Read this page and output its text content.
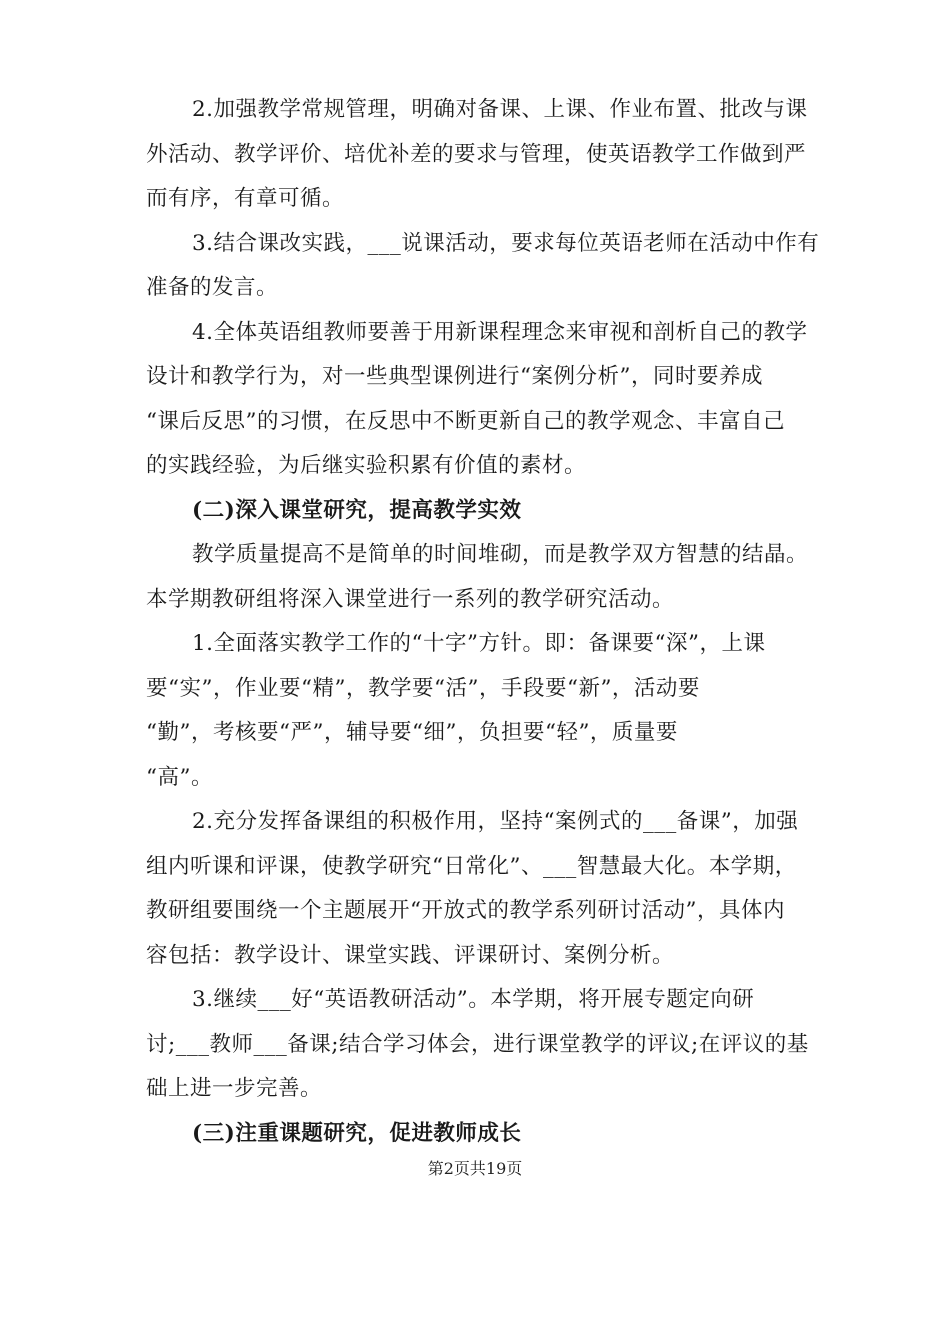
2.加强教学常规管理，明确对备课、上课、作业布置、批改与课
外活动、教学评价、培优补差的要求与管理，使英语教学工作做到严
而有序，有章可循。

3.结合课改实践，___说课活动，要求每位英语老师在活动中作有
准备的发言。

4.全体英语组教师要善于用新课程理念来审视和剖析自己的教学
设计和教学行为，对一些典型课例进行“案例分析”，同时要养成
“课后反思”的习惯，在反思中不断更新自己的教学观念、丰富自己
的实践经验，为后继实验积累有价值的素材。

(二)深入课堂研究，提高教学实效

教学质量提高不是简单的时间堆砌，而是教学双方智慧的结晶。
本学期教研组将深入课堂进行一系列的教学研究活动。

1.全面落实教学工作的“十字”方针。即：备课要“深”，上课
要“实”，作业要“精”，教学要“活”，手段要“新”，活动要
“勤”，考核要“严”，辅导要“细”，负担要“轻”，质量要
“高”。

2.充分发挥备课组的积极作用，坚持“案例式的___备课”，加强
组内听课和评课，使教学研究“日常化”、___智慧最大化。本学期，
教研组要围绕一个主题展开“开放式的教学系列研讨活动”，具体内
容包括：教学设计、课堂实践、评课研讨、案例分析。

3.继续___好“英语教研活动”。本学期，将开展专题定向研
讨;___教师___备课;结合学习体会，进行课堂教学的评议;在评议的基
础上进一步完善。

(三)注重课题研究，促进教师成长

第2页共19页
